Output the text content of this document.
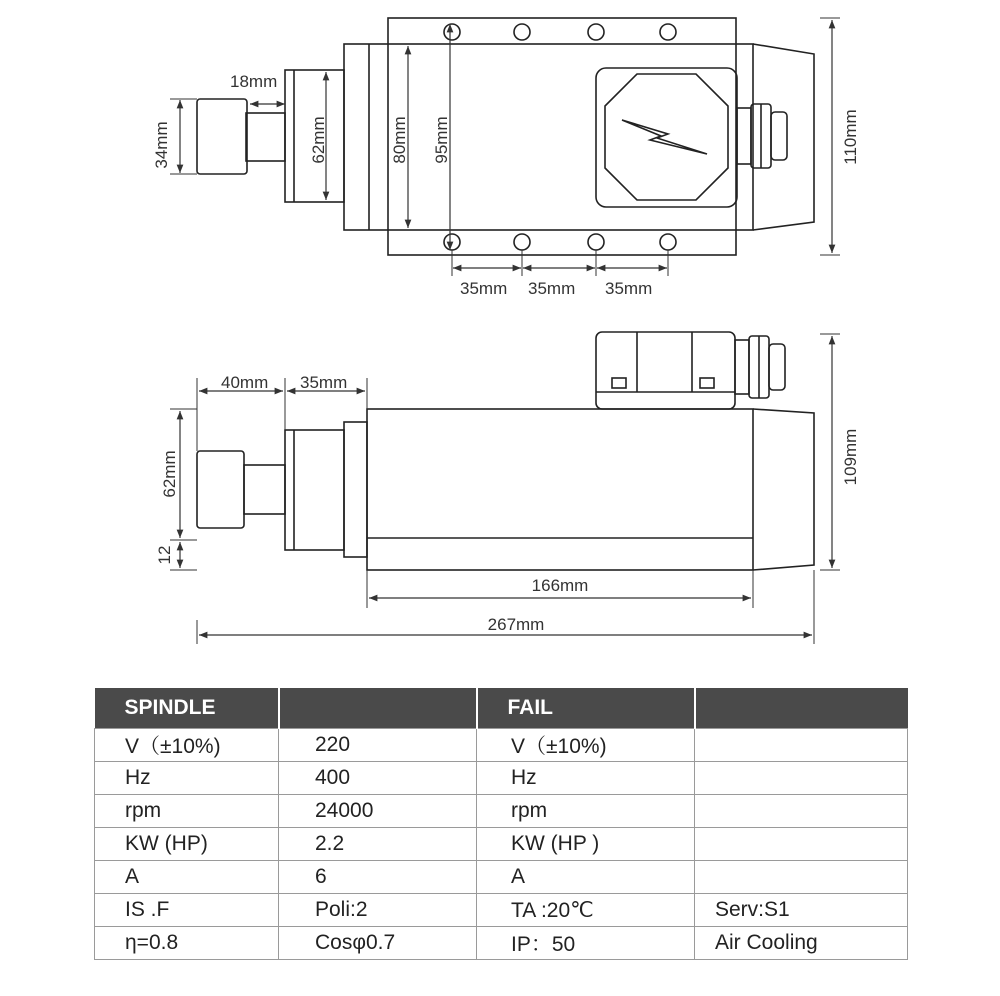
18mm
34mm	62mm	80mm 95mm
35mm 35mm 35mm
110mm
40mm 35mm
62mm
12
166mm
267mm
109mm
SPINDLE		FAIL	
V（±10%)	220	V（±10%)	
Hz	400	Hz	
rpm	24000	rpm	
KW (HP)	2.2	KW (HP )	
A	6	A	
IS .F	Poli:2	TA :20℃	Serv:S1
η=0.8	Cosφ0.7	IP：50	Air Cooling
